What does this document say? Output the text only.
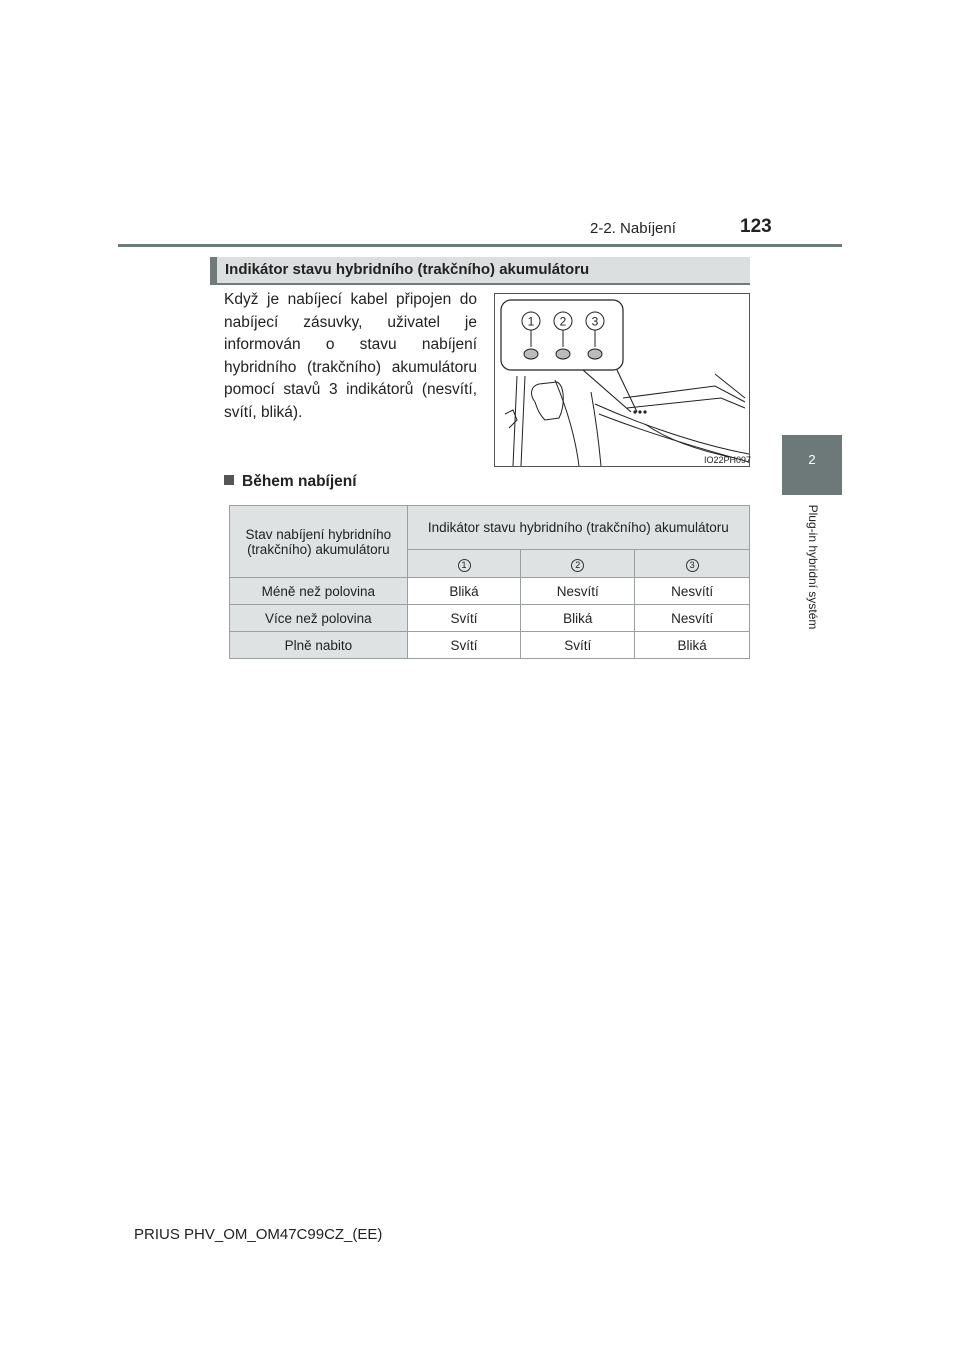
2-2. Nabíjení	123
2
Plug-in hybridní systém
Indikátor stavu hybridního (trakčního) akumulátoru
Když je nabíjecí kabel připojen do nabíjecí zásuvky, uživatel je informován o stavu nabíjení hybridního (trakčního) akumulátoru pomocí stavů 3 indikátorů (nesvítí, svítí, bliká).
1 2 3
IO22PH097
Během nabíjení
Stav nabíjení hybridního (trakčního) akumulátoru	Indikátor stavu hybridního (trakčního) akumulátoru		
	1	2	3
Méně než polovina	Bliká	Nesvítí	Nesvítí
Více než polovina	Svítí	Bliká	Nesvítí
Plně nabito	Svítí	Svítí	Bliká
PRIUS PHV_OM_OM47C99CZ_(EE)
